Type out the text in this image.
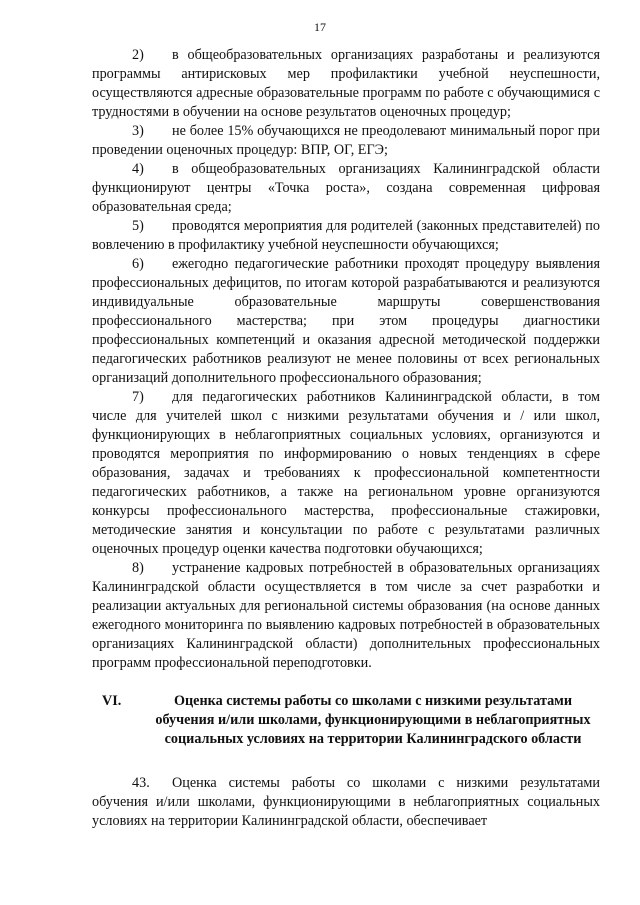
17

2) в общеобразовательных организациях разработаны и реализуются программы антирисковых мер профилактики учебной неуспешности, осуществляются адресные образовательные программ по работе с обучающимися с трудностями в обучении на основе результатов оценочных процедур;

3) не более 15% обучающихся не преодолевают минимальный порог при проведении оценочных процедур: ВПР, ОГ, ЕГЭ;

4) в общеобразовательных организациях Калининградской области функционируют центры «Точка роста», создана современная цифровая образовательная среда;

5) проводятся мероприятия для родителей (законных представителей) по вовлечению в профилактику учебной неуспешности обучающихся;

6) ежегодно педагогические работники проходят процедуру выявления профессиональных дефицитов, по итогам которой разрабатываются и реализуются индивидуальные образовательные маршруты совершенствования профессионального мастерства; при этом процедуры диагностики профессиональных компетенций и оказания адресной методической поддержки педагогических работников реализуют не менее половины от всех региональных организаций дополнительного профессионального образования;

7) для педагогических работников Калининградской области, в том числе для учителей школ с низкими результатами обучения и / или школ, функционирующих в неблагоприятных социальных условиях, организуются и проводятся мероприятия по информированию о новых тенденциях в сфере образования, задачах и требованиях к профессиональной компетентности педагогических работников, а также на региональном уровне организуются конкурсы профессионального мастерства, профессиональные стажировки, методические занятия и консультации по работе с результатами различных оценочных процедур оценки качества подготовки обучающихся;

8) устранение кадровых потребностей в образовательных организациях Калининградской области осуществляется в том числе за счет разработки и реализации актуальных для региональной системы образования (на основе данных ежегодного мониторинга по выявлению кадровых потребностей в образовательных организациях Калининградской области) дополнительных профессиональных программ профессиональной переподготовки.

VI.	Оценка системы работы со школами с низкими результатами
обучения и/или школами, функционирующими в неблагоприятных
социальных условиях на территории Калининградского области

43. Оценка системы работы со школами с низкими результатами обучения и/или школами, функционирующими в неблагоприятных социальных условиях на территории Калининградской области, обеспечивает
